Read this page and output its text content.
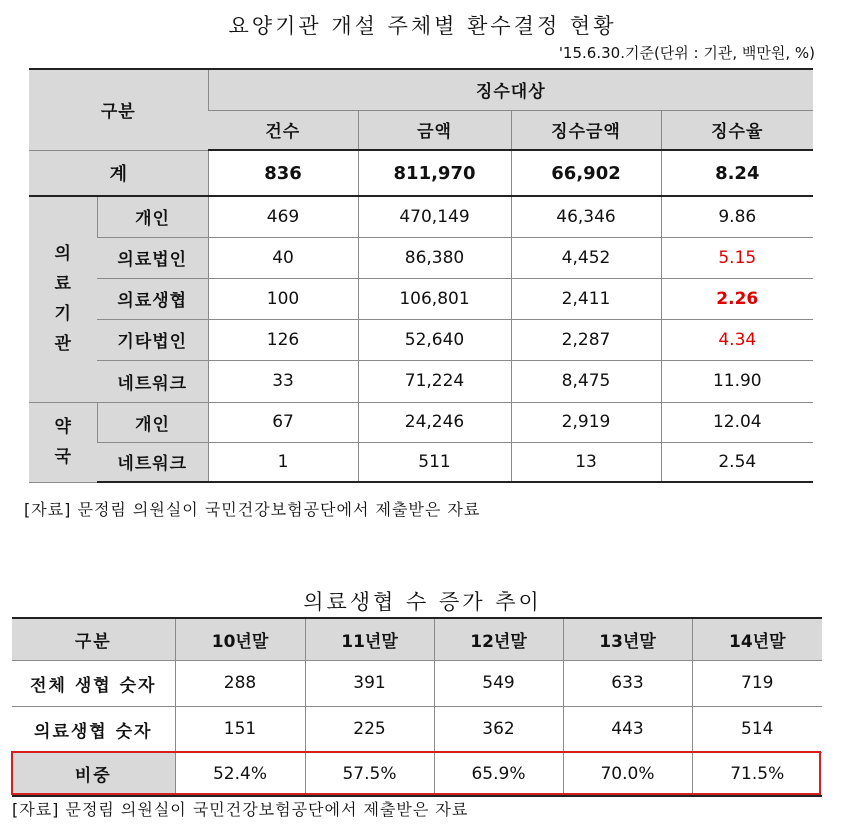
요양기관 개설 주체별 환수결정 현황
'15.6.30.기준(단위 : 기관, 백만원, %)
구분		징수대상			
		건수	금액	징수금액	징수율
계		836	811,970	66,902	8.24
의
료
기
관	개인	469	470,149	46,346	9.86
	의료법인	40	86,380	4,452	5.15
	의료생협	100	106,801	2,411	2.26
	기타법인	126	52,640	2,287	4.34
	네트워크	33	71,224	8,475	11.90
약
국	개인	67	24,246	2,919	12.04
	네트워크	1	511	13	2.54
[자료] 문정림 의원실이 국민건강보험공단에서 제출받은 자료
의료생협 수 증가 추이
구분	10년말	11년말	12년말	13년말	14년말
전체 생협 숫자	288	391	549	633	719
의료생협 숫자	151	225	362	443	514
비중	52.4%	57.5%	65.9%	70.0%	71.5%
[자료] 문정림 의원실이 국민건강보험공단에서 제출받은 자료
